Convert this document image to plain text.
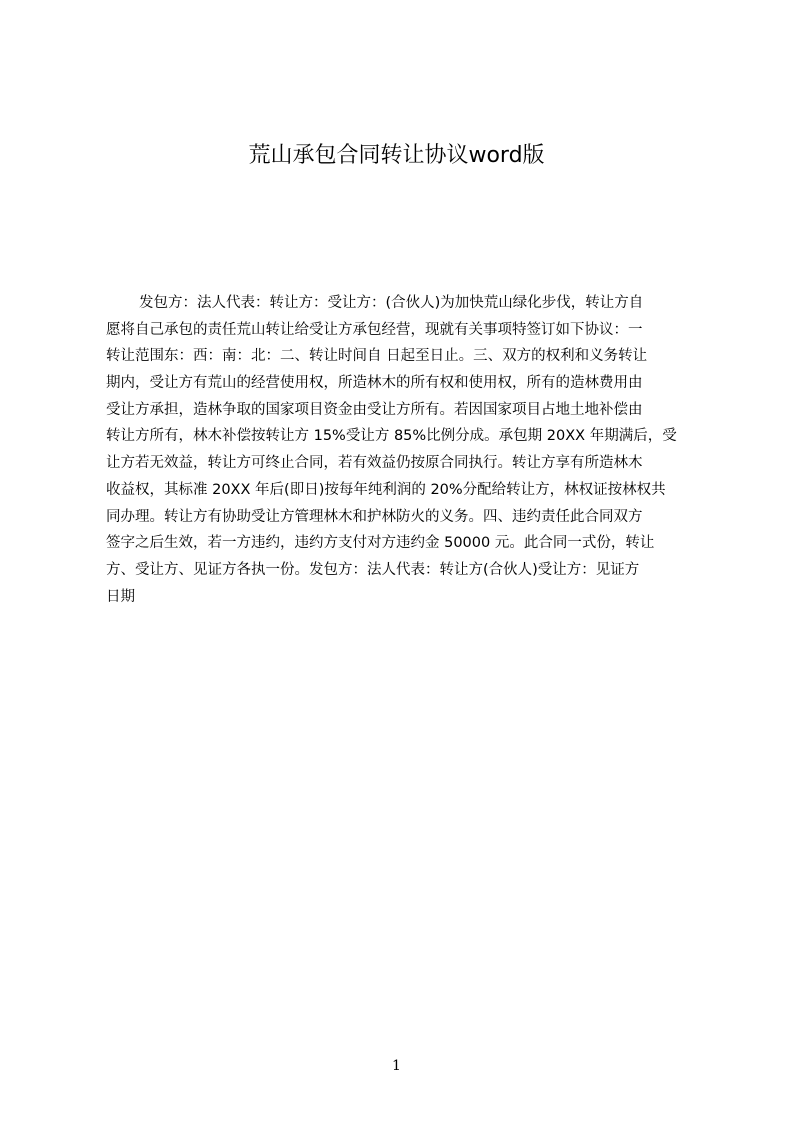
荒山承包合同转让协议word版
发包方：法人代表：转让方：受让方：(合伙人)为加快荒山绿化步伐，转让方自
愿将自己承包的责任荒山转让给受让方承包经营，现就有关事项特签订如下协议：一
转让范围东：西：南：北：二、转让时间自 日起至日止。三、双方的权利和义务转让
期内，受让方有荒山的经营使用权，所造林木的所有权和使用权，所有的造林费用由
受让方承担，造林争取的国家项目资金由受让方所有。若因国家项目占地土地补偿由
转让方所有，林木补偿按转让方 15%受让方 85%比例分成。承包期 20XX 年期满后，受
让方若无效益，转让方可终止合同，若有效益仍按原合同执行。转让方享有所造林木
收益权，其标准 20XX 年后(即日)按每年纯利润的 20%分配给转让方，林权证按林权共
同办理。转让方有协助受让方管理林木和护林防火的义务。四、违约责任此合同双方
签字之后生效，若一方违约，违约方支付对方违约金 50000 元。此合同一式份，转让
方、受让方、见证方各执一份。发包方：法人代表：转让方(合伙人)受让方：见证方
日期
1
